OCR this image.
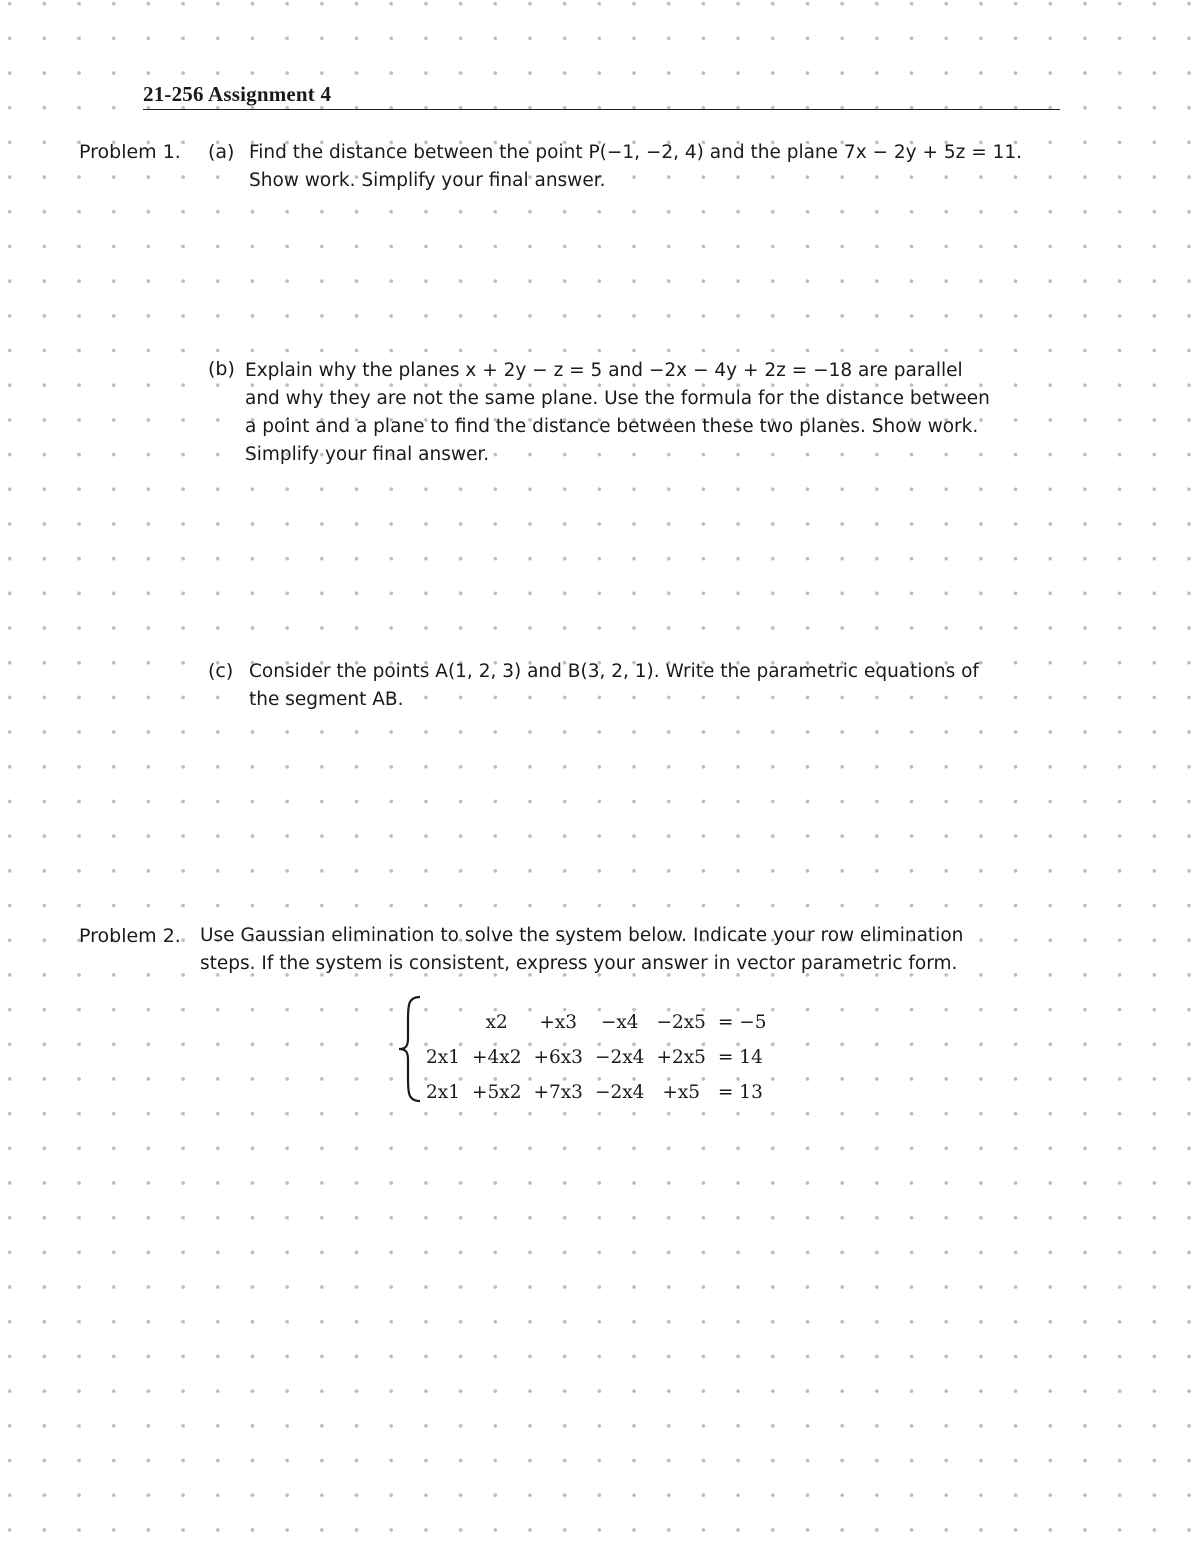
21-256 Assignment 4
Problem 1. (a) Find the distance between the point P(−1, −2, 4) and the plane 7x − 2y + 5z = 11.
Show work. Simplify your final answer.
(b) Explain why the planes x + 2y − z = 5 and −2x − 4y + 2z = −18 are parallel
and why they are not the same plane. Use the formula for the distance between
a point and a plane to find the distance between these two planes. Show work.
Simplify your final answer.
(c) Consider the points A(1, 2, 3) and B(3, 2, 1). Write the parametric equations of
the segment AB.
Problem 2. Use Gaussian elimination to solve the system below. Indicate your row elimination
steps. If the system is consistent, express your answer in vector parametric form.
	x2	+x3	−x4	−2x5	= −5
2x1	+4x2	+6x3	−2x4	+2x5	= 14
2x1	+5x2	+7x3	−2x4	+x5	= 13
